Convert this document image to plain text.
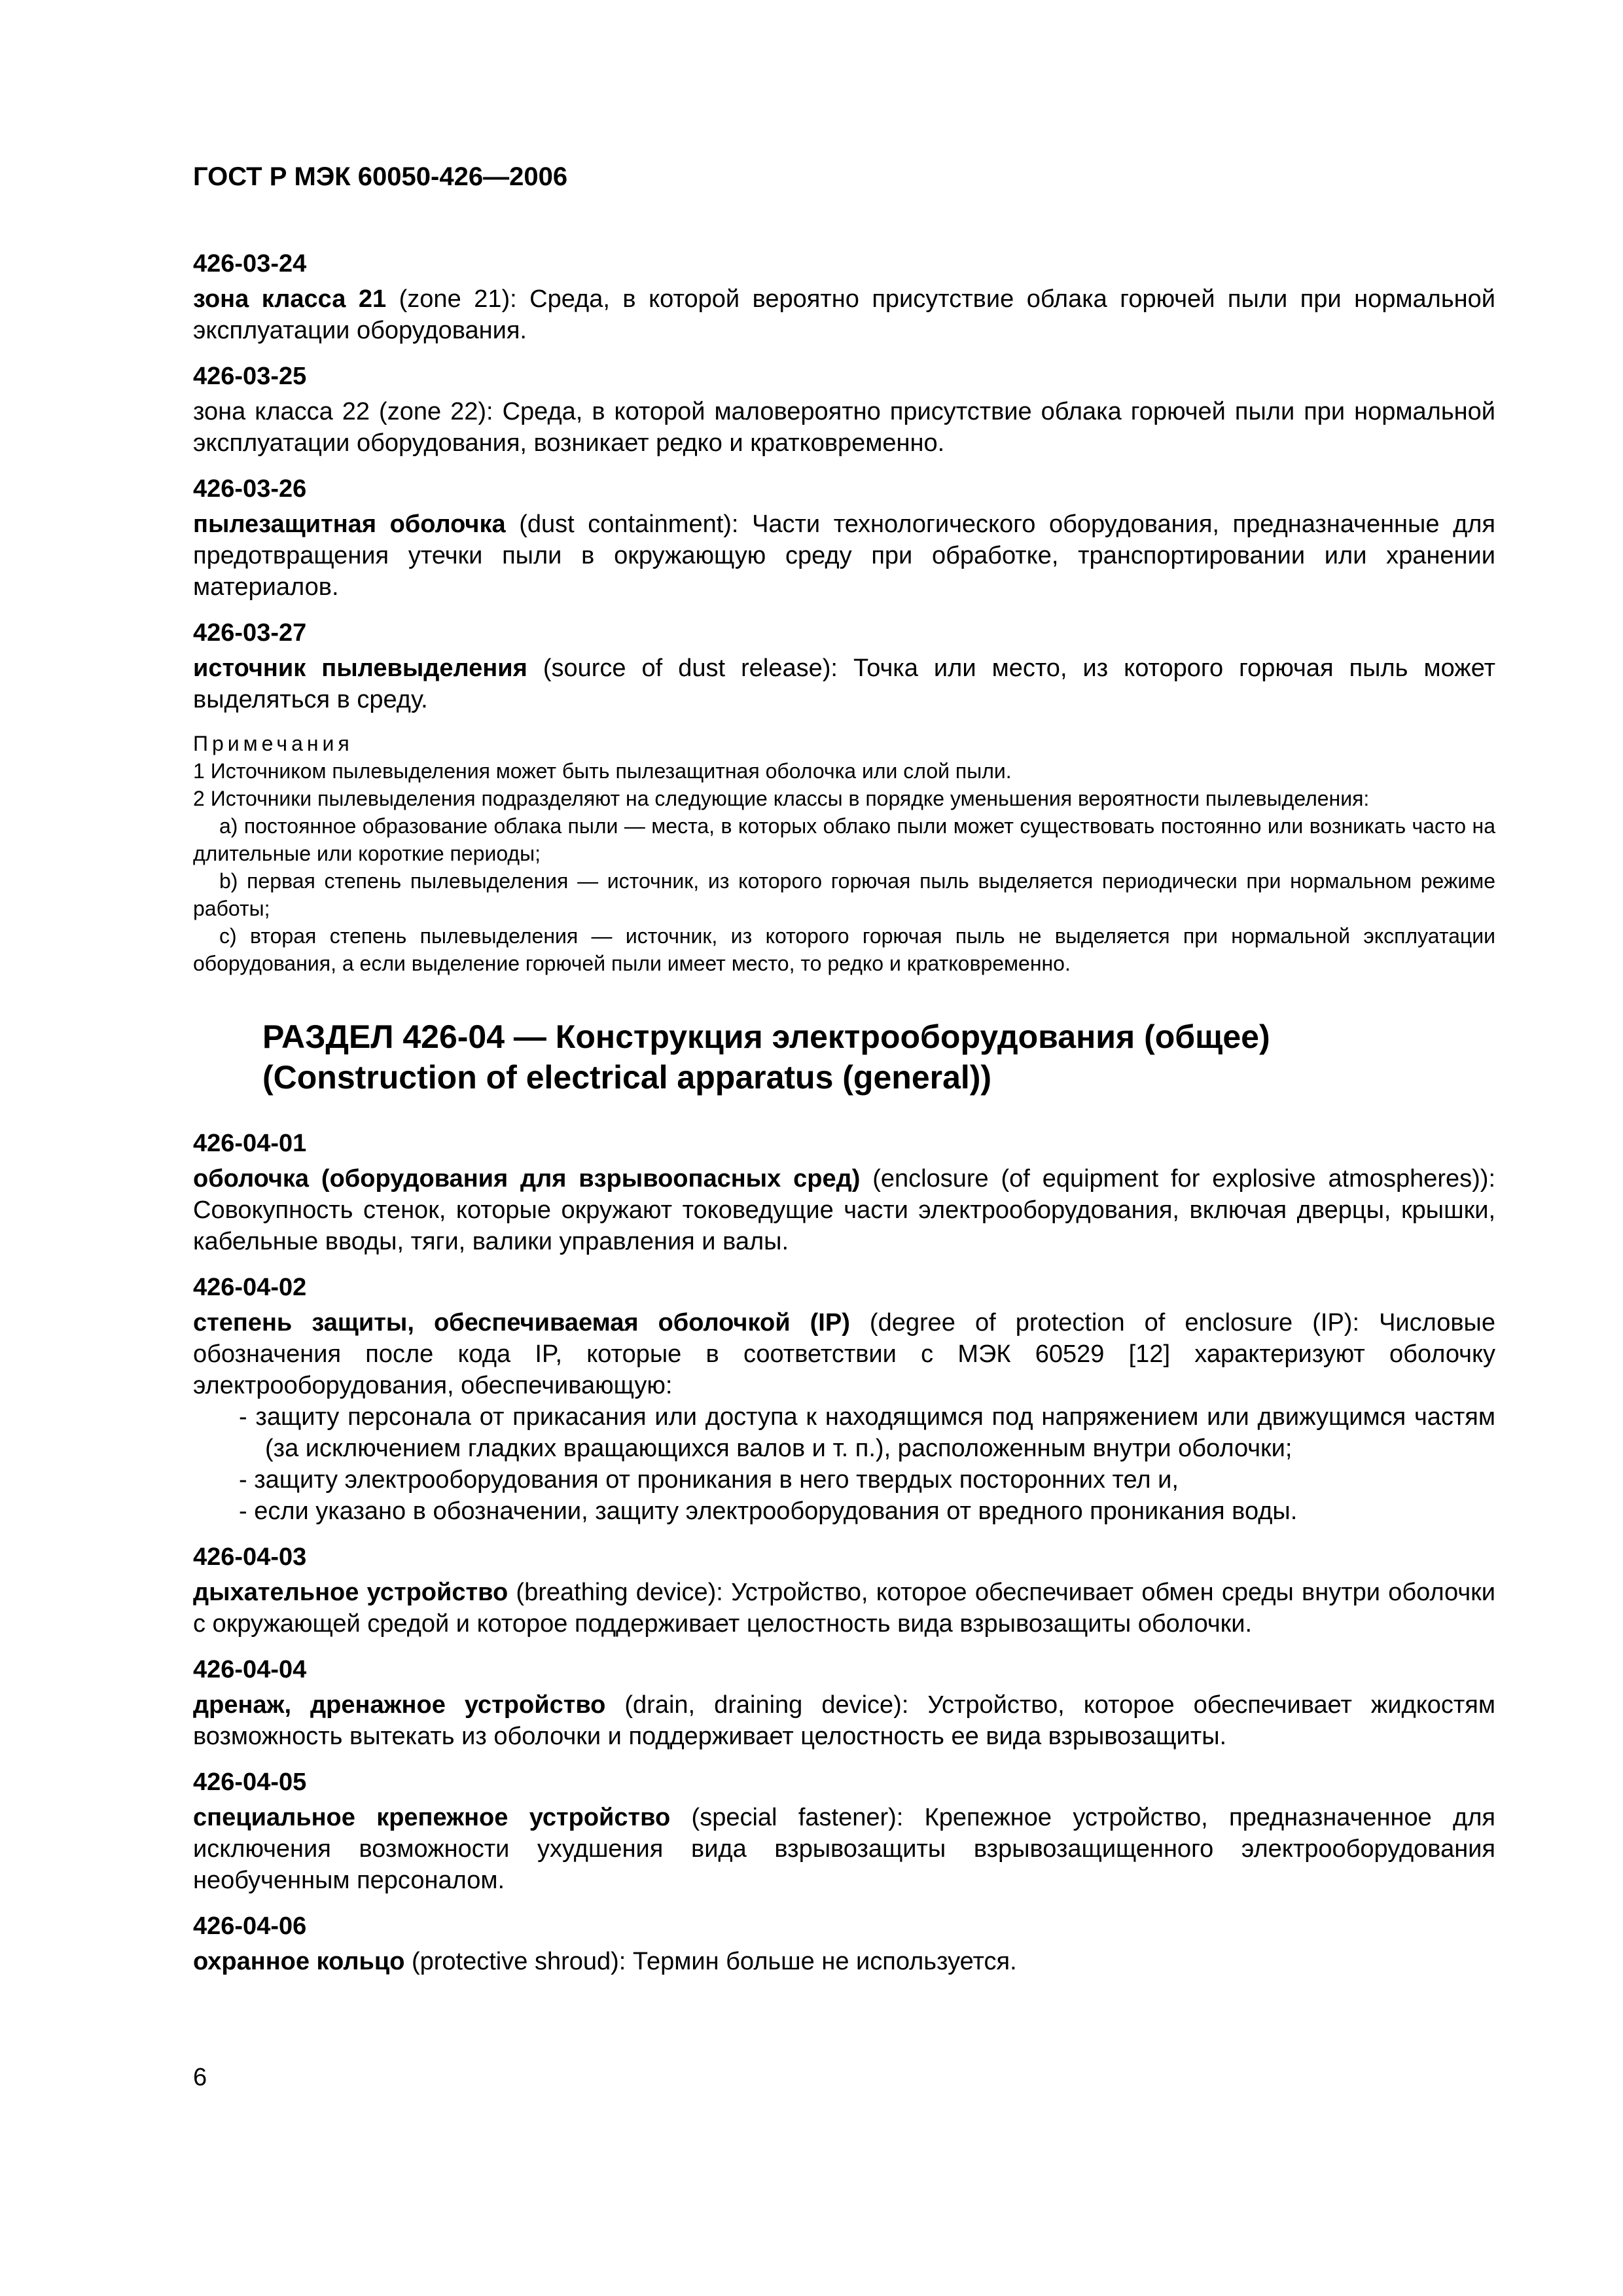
ГОСТ Р МЭК 60050-426—2006
426-03-24
зона класса 21 (zone 21): Среда, в которой вероятно присутствие облака горючей пыли при нормальной эксплуатации оборудования.
426-03-25
зона класса 22 (zone 22): Среда, в которой маловероятно присутствие облака горючей пыли при нормальной эксплуатации оборудования, возникает редко и кратковременно.
426-03-26
пылезащитная оболочка (dust containment): Части технологического оборудования, предназначенные для предотвращения утечки пыли в окружающую среду при обработке, транспортировании или хранении материалов.
426-03-27
источник пылевыделения (source of dust release): Точка или место, из которого горючая пыль может выделяться в среду.

Примечания

1 Источником пылевыделения может быть пылезащитная оболочка или слой пыли.

2 Источники пылевыделения подразделяют на следующие классы в порядке уменьшения вероятности пылевыделения:

а) постоянное образование облака пыли — места, в которых облако пыли может существовать постоянно или возникать часто на длительные или короткие периоды;

b) первая степень пылевыделения — источник, из которого горючая пыль выделяется периодически при нормальном режиме работы;

c) вторая степень пылевыделения — источник, из которого горючая пыль не выделяется при нормальной эксплуатации оборудования, а если выделение горючей пыли имеет место, то редко и кратковременно.

РАЗДЕЛ 426-04 — Конструкция электрооборудования (общее)
(Construction of electrical apparatus (general))
426-04-01
оболочка (оборудования для взрывоопасных сред) (enclosure (of equipment for explosive atmospheres)): Совокупность стенок, которые окружают токоведущие части электрооборудования, включая дверцы, крышки, кабельные вводы, тяги, валики управления и валы.
426-04-02
степень защиты, обеспечиваемая оболочкой (IP) (degree of protection of enclosure (IP): Числовые обозначения после кода IP, которые в соответствии с МЭК 60529 [12] характеризуют оболочку электрооборудования, обеспечивающую:
- защиту персонала от прикасания или доступа к находящимся под напряжением или движущимся частям (за исключением гладких вращающихся валов и т. п.), расположенным внутри оболочки;
- защиту электрооборудования от проникания в него твердых посторонних тел и,
- если указано в обозначении, защиту электрооборудования от вредного проникания воды.
426-04-03
дыхательное устройство (breathing device): Устройство, которое обеспечивает обмен среды внутри оболочки с окружающей средой и которое поддерживает целостность вида взрывозащиты оболочки.
426-04-04
дренаж, дренажное устройство (drain, draining device): Устройство, которое обеспечивает жидкостям возможность вытекать из оболочки и поддерживает целостность ее вида взрывозащиты.
426-04-05
специальное крепежное устройство (special fastener): Крепежное устройство, предназначенное для исключения возможности ухудшения вида взрывозащиты взрывозащищенного электрооборудования необученным персоналом.
426-04-06
охранное кольцо (protective shroud): Термин больше не используется.
6
